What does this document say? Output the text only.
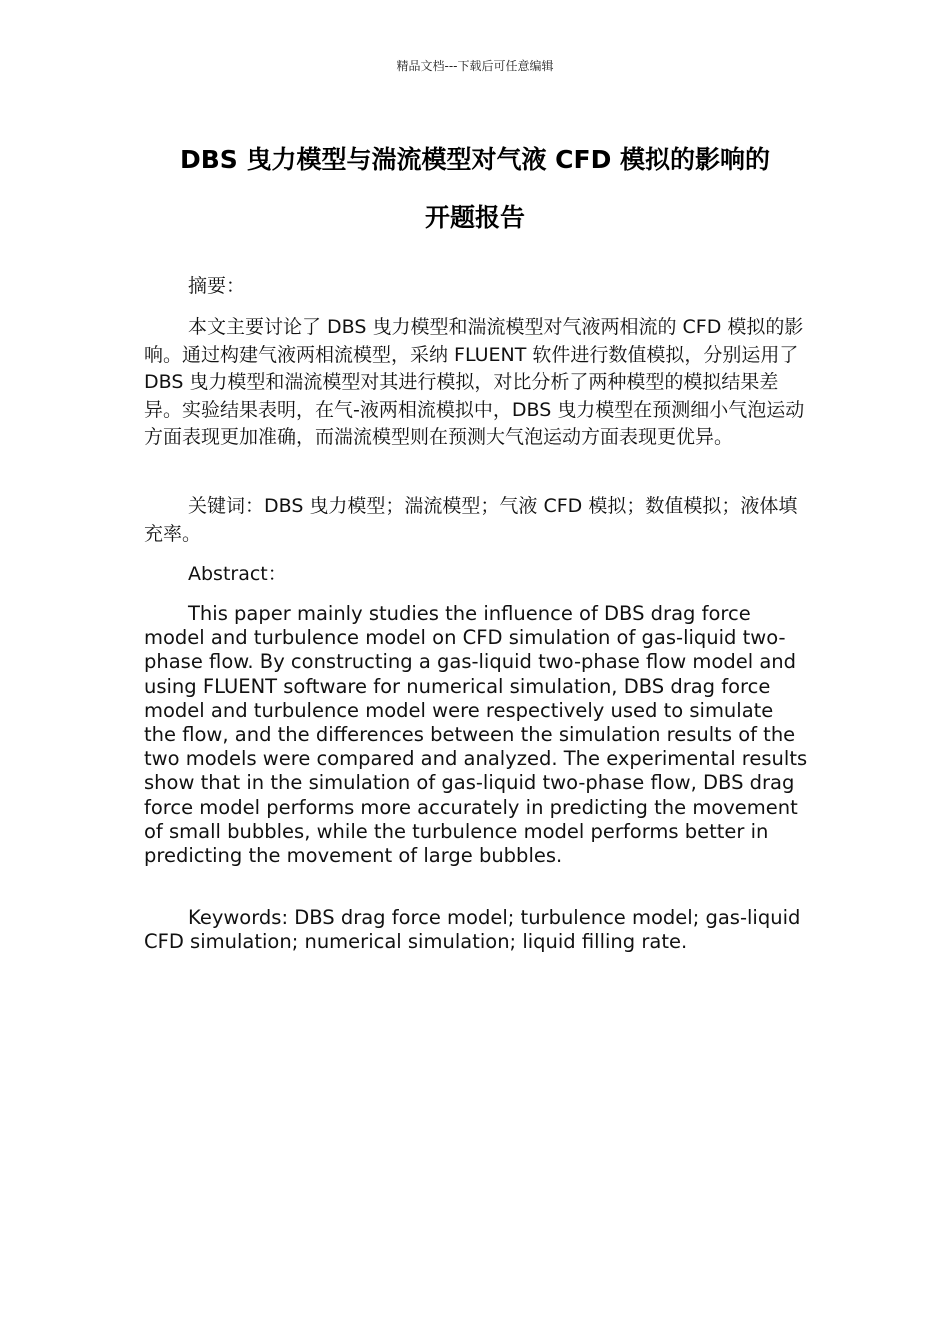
精品文档---下载后可任意编辑
DBS 曳力模型与湍流模型对气液 CFD 模拟的影响的
开题报告

摘要：

本文主要讨论了 DBS 曳力模型和湍流模型对气液两相流的 CFD 模拟的影响。通过构建气液两相流模型，采纳 FLUENT 软件进行数值模拟，分别运用了 DBS 曳力模型和湍流模型对其进行模拟，对比分析了两种模型的模拟结果差异。实验结果表明，在气-液两相流模拟中，DBS 曳力模型在预测细小气泡运动方面表现更加准确，而湍流模型则在预测大气泡运动方面表现更优异。

关键词：DBS 曳力模型；湍流模型；气液 CFD 模拟；数值模拟；液体填充率。

Abstract：

This paper mainly studies the influence of DBS drag force model and turbulence model on CFD simulation of gas-liquid two-phase flow. By constructing a gas-liquid two-phase flow model and using FLUENT software for numerical simulation, DBS drag force model and turbulence model were respectively used to simulate the flow, and the differences between the simulation results of the two models were compared and analyzed. The experimental results show that in the simulation of gas-liquid two-phase flow, DBS drag force model performs more accurately in predicting the movement of small bubbles, while the turbulence model performs better in predicting the movement of large bubbles.

Keywords: DBS drag force model; turbulence model; gas-liquid CFD simulation; numerical simulation; liquid filling rate.
